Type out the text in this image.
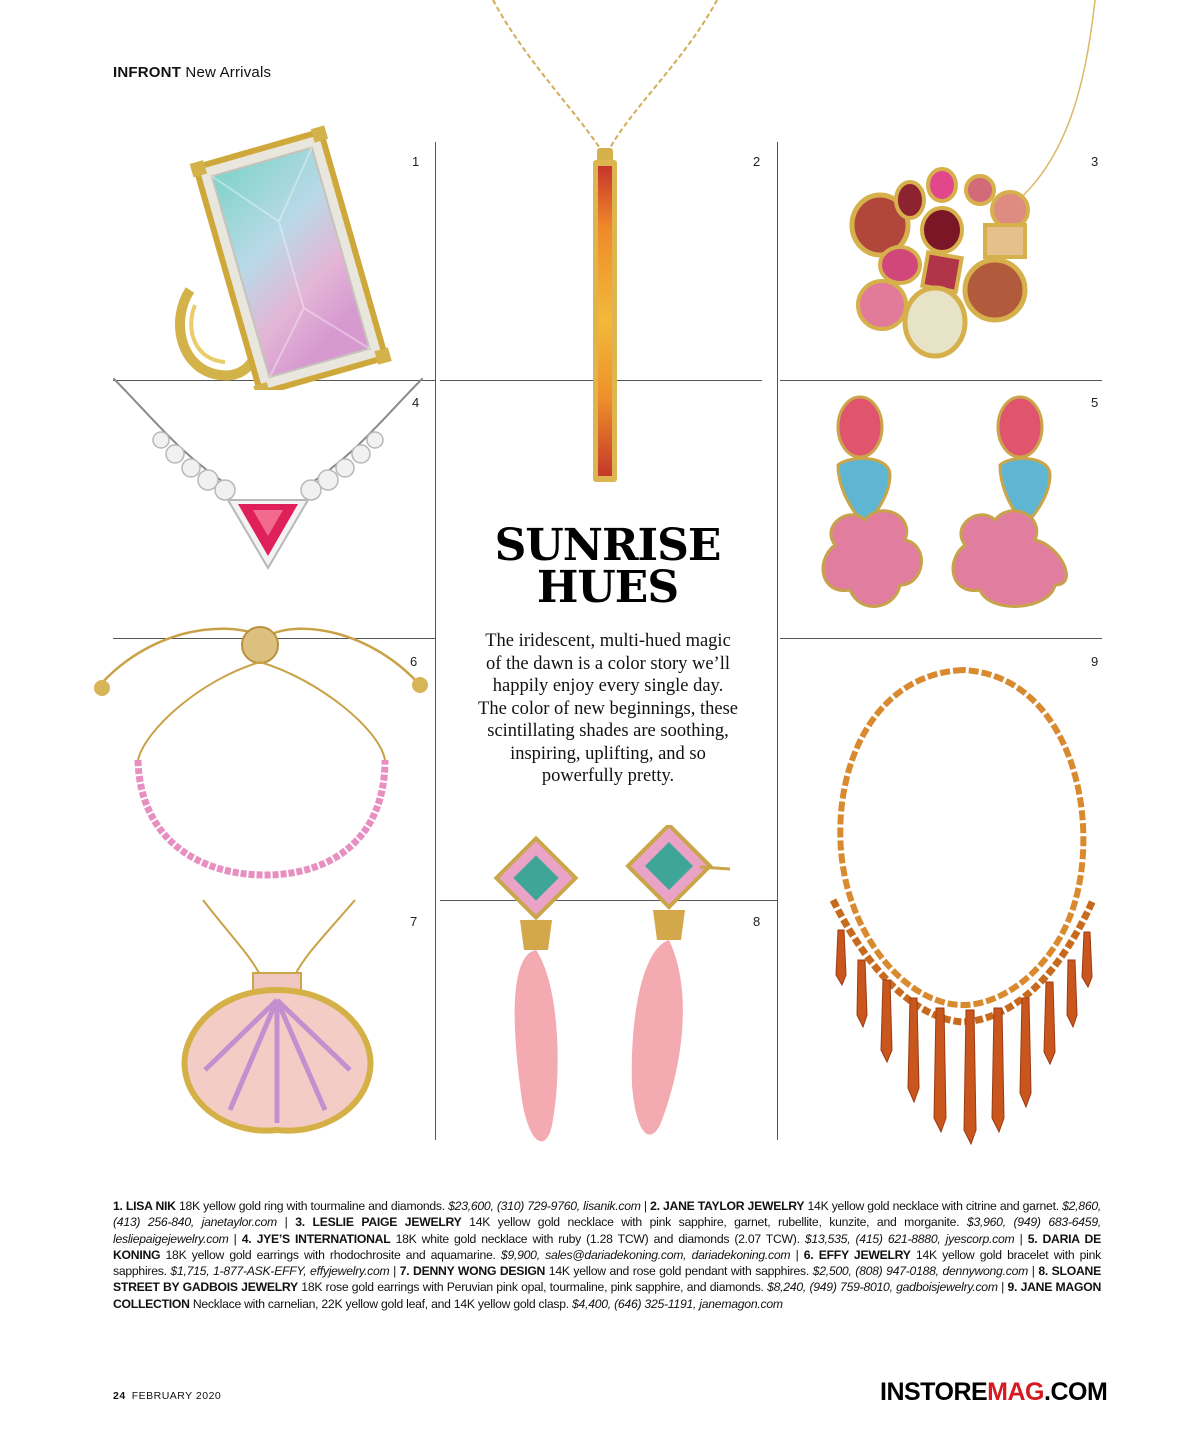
INFRONT New Arrivals
1	2	3
4	5
6	9
7	8
SUNRISE
HUES
The iridescent, multi-hued magic of the dawn is a color story we’ll happily enjoy every single day. The color of new beginnings, these scintillating shades are soothing, inspiring, uplifting, and so powerfully pretty.
1. LISA NIK 18K yellow gold ring with tourmaline and diamonds. $23,600, (310) 729-9760, lisanik.com | 2. JANE TAYLOR JEWELRY 14K yellow gold necklace with citrine and garnet. $2,860, (413) 256-840, janetaylor.com | 3. LESLIE PAIGE JEWELRY 14K yellow gold necklace with pink sapphire, garnet, rubellite, kunzite, and morganite. $3,960, (949) 683-6459, lesliepaigejewelry.com | 4. JYE’S INTERNATIONAL 18K white gold necklace with ruby (1.28 TCW) and diamonds (2.07 TCW). $13,535, (415) 621-8880, jyescorp.com | 5. DARIA DE KONING 18K yellow gold earrings with rhodochrosite and aquamarine. $9,900, sales@dariadekoning.com, dariadekoning.com | 6. EFFY JEWELRY 14K yellow gold bracelet with pink sapphires. $1,715, 1-877-ASK-EFFY, effyjewelry.com | 7. DENNY WONG DESIGN 14K yellow and rose gold pendant with sapphires. $2,500, (808) 947-0188, dennywong.com | 8. SLOANE STREET BY GADBOIS JEWELRY 18K rose gold earrings with Peruvian pink opal, tourmaline, pink sapphire, and diamonds. $8,240, (949) 759-8010, gadboisjewelry.com | 9. JANE MAGON COLLECTION Necklace with carnelian, 22K yellow gold leaf, and 14K yellow gold clasp. $4,400, (646) 325-1191, janemagon.com
24 FEBRUARY 2020	INSTOREMAG.COM
